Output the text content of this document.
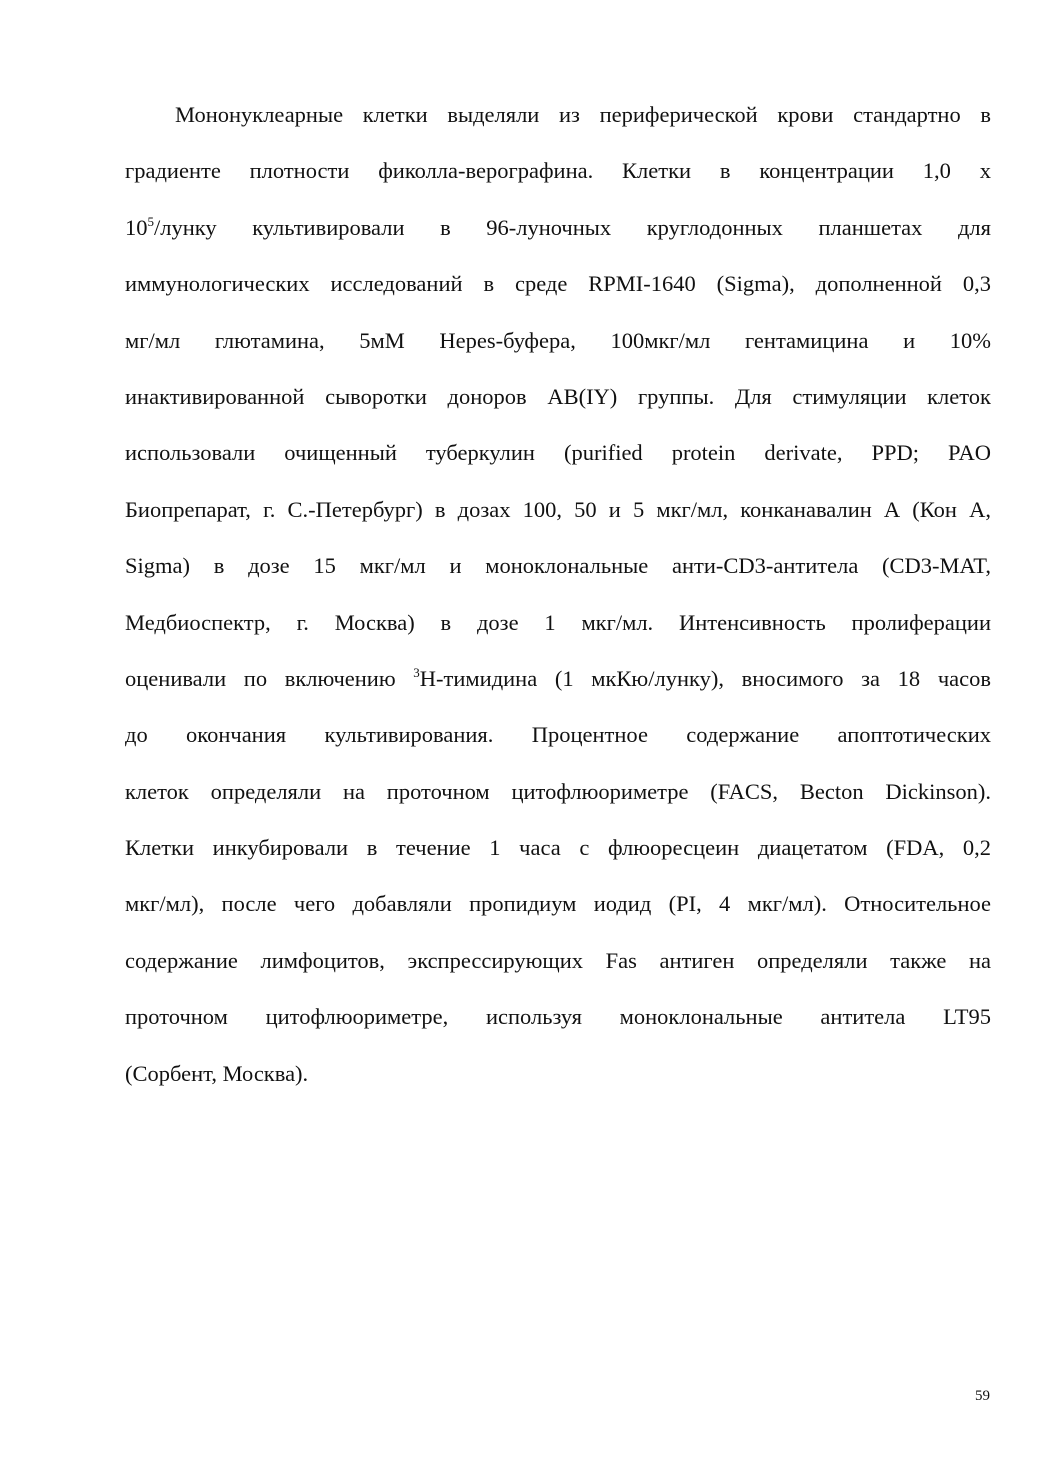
Мононуклеарные клетки выделяли из периферической крови стандартно в
градиенте плотности фиколла-верографина. Клетки в концентрации 1,0 х
$10^5$/лунку культивировали в 96-луночных круглодонных планшетах для
иммунологических исследований в среде RPMI-1640 (Sigma), дополненной 0,3
мг/мл глютамина, 5мМ Hepes-буфера, 100мкг/мл гентамицина и 10%
инактивированной сыворотки доноров AB(IY) группы. Для стимуляции клеток
использовали очищенный туберкулин (purified protein derivate, PPD; PAO
Биопрепарат, г. С.-Петербург) в дозах 100, 50 и 5 мкг/мл, конканавалин А (Кон А,
Sigma) в дозе 15 мкг/мл и моноклональные анти-CD3-антитела (CD3-MAT,
Медбиоспектр, г. Москва) в дозе 1 мкг/мл. Интенсивность пролиферации
оценивали по включению $^3$Н-тимидина (1 мкКю/лунку), вносимого за 18 часов
до окончания культивирования. Процентное содержание апоптотических
клеток определяли на проточном цитофлюориметре (FACS, Becton Dickinson).
Клетки инкубировали в течение 1 часа с флюоресцеин диацетатом (FDA, 0,2
мкг/мл), после чего добавляли пропидиум иодид (PI, 4 мкг/мл). Относительное
содержание лимфоцитов, экспрессирующих Fas антиген определяли также на
проточном цитофлюориметре, используя моноклональные антитела LT95
(Сорбент, Москва).
59
